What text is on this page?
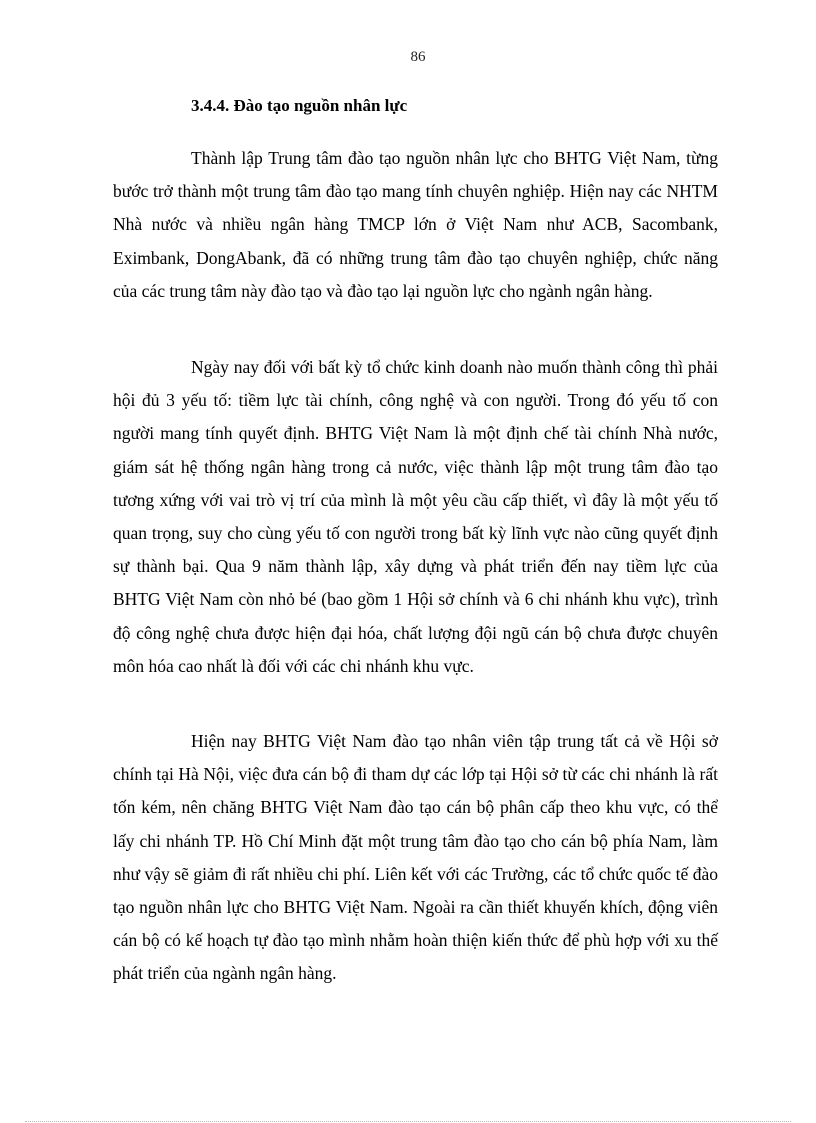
86
3.4.4. Đào tạo nguồn nhân lực

Thành lập Trung tâm đào tạo nguồn nhân lực cho BHTG Việt Nam, từng bước trở thành một trung tâm đào tạo mang tính chuyên nghiệp. Hiện nay các NHTM Nhà nước và nhiều ngân hàng TMCP lớn ở Việt Nam như ACB, Sacombank, Eximbank, DongAbank, đã có những trung tâm đào tạo chuyên nghiệp, chức năng của các trung tâm này đào tạo và đào tạo lại nguồn lực cho ngành ngân hàng.

Ngày nay đối với bất kỳ tổ chức kinh doanh nào muốn thành công thì phải hội đủ 3 yếu tố: tiềm lực tài chính, công nghệ và con người. Trong đó yếu tố con người mang tính quyết định. BHTG Việt Nam là một định chế tài chính Nhà nước, giám sát hệ thống ngân hàng trong cả nước, việc thành lập một trung tâm đào tạo tương xứng với vai trò vị trí của mình là một yêu cầu cấp thiết, vì đây là một yếu tố quan trọng, suy cho cùng yếu tố con người trong bất kỳ lĩnh vực nào cũng quyết định sự thành bại. Qua 9 năm thành lập, xây dựng và phát triển đến nay tiềm lực của BHTG Việt Nam còn nhỏ bé (bao gồm 1 Hội sở chính và 6 chi nhánh khu vực), trình độ công nghệ chưa được hiện đại hóa, chất lượng đội ngũ cán bộ chưa được chuyên môn hóa cao nhất là đối với các chi nhánh khu vực.

Hiện nay BHTG Việt Nam đào tạo nhân viên tập trung tất cả về Hội sở chính tại Hà Nội, việc đưa cán bộ đi tham dự các lớp tại Hội sở từ các chi nhánh là rất tốn kém, nên chăng BHTG Việt Nam đào tạo cán bộ phân cấp theo khu vực, có thể lấy chi nhánh TP. Hồ Chí Minh đặt một trung tâm đào tạo cho cán bộ phía Nam, làm như vậy sẽ giảm đi rất nhiều chi phí. Liên kết với các Trường, các tổ chức quốc tế đào tạo nguồn nhân lực cho BHTG Việt Nam. Ngoài ra cần thiết khuyến khích, động viên cán bộ có kế hoạch tự đào tạo mình nhằm hoàn thiện kiến thức để phù hợp với xu thế phát triển của ngành ngân hàng.
